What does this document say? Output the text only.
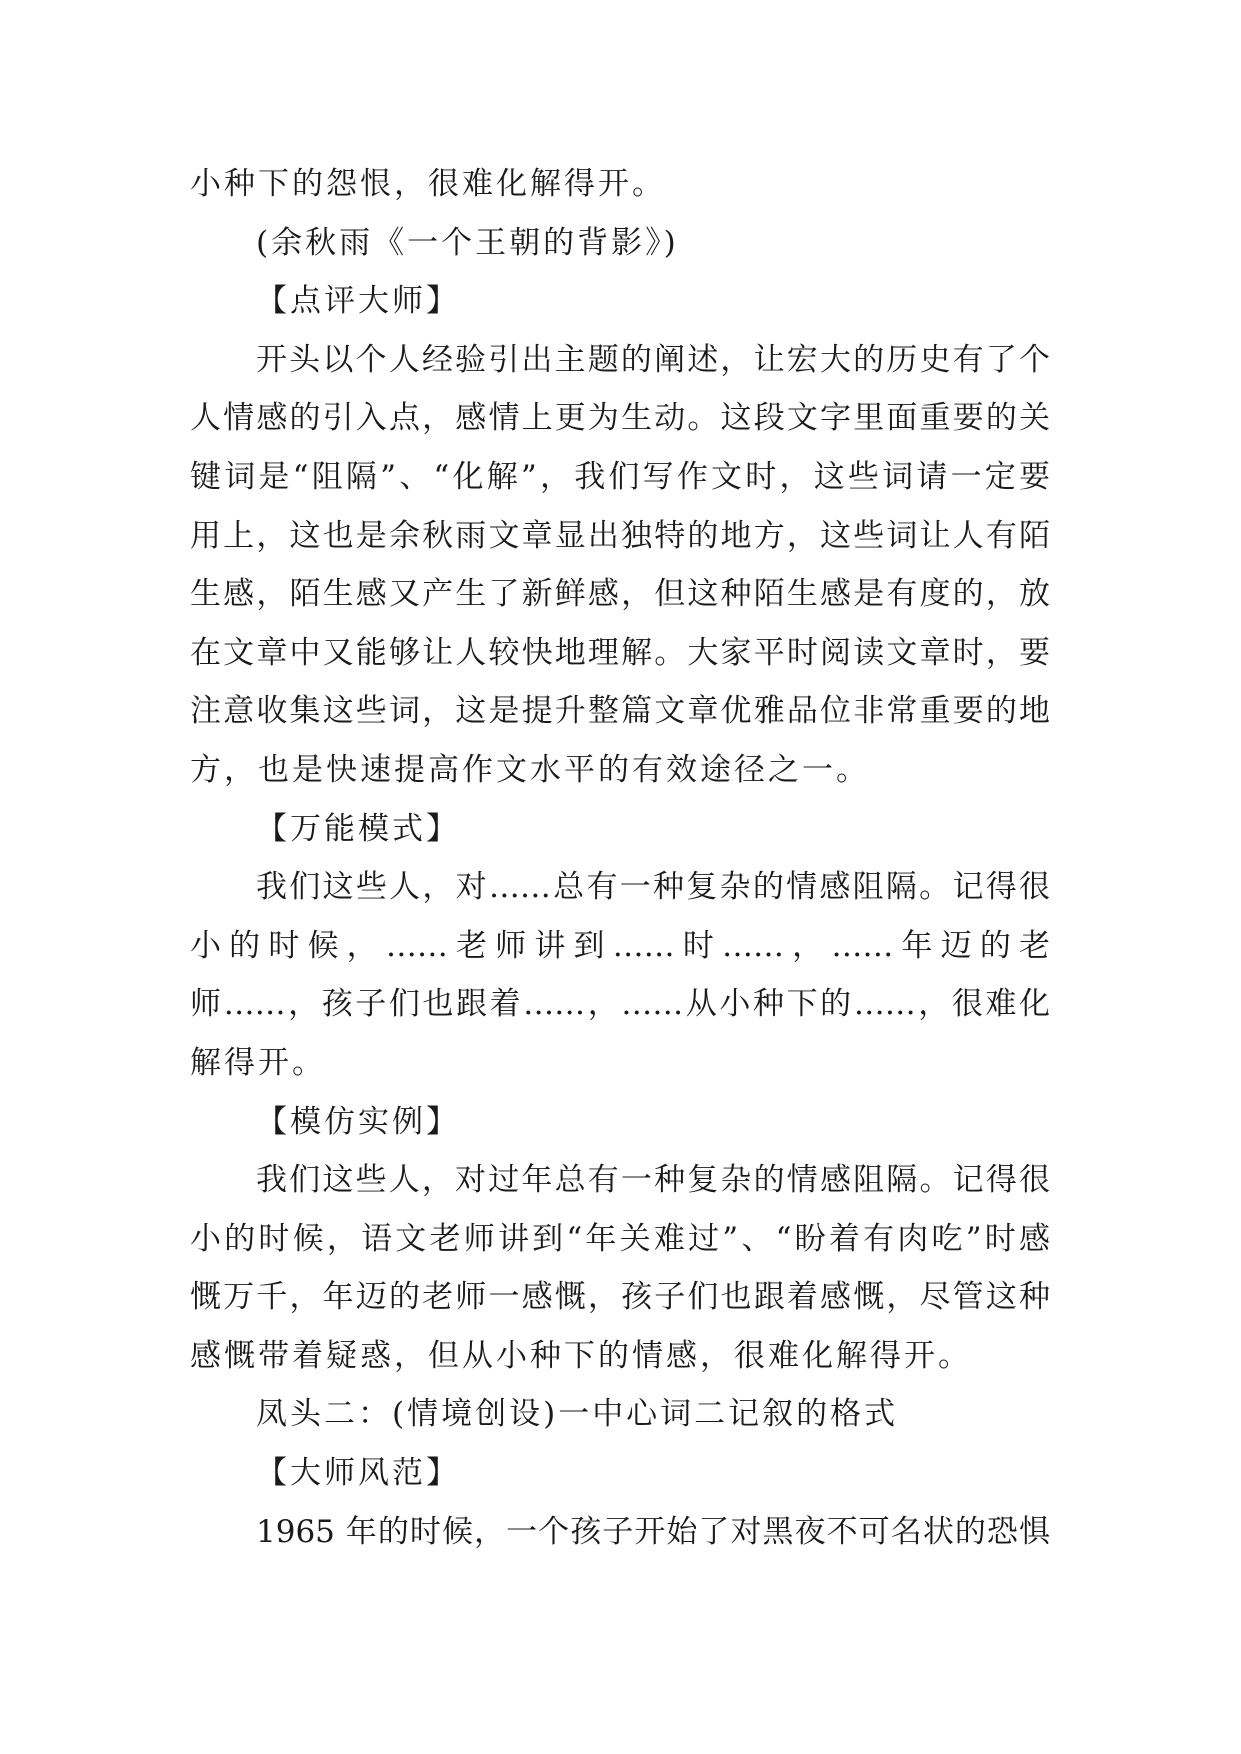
小种下的怨恨，很难化解得开。

(余秋雨《一个王朝的背影》)

【点评大师】

开头以个人经验引出主题的阐述，让宏大的历史有了个

人情感的引入点，感情上更为生动。这段文字里面重要的关

键词是“阻隔”、“化解”，我们写作文时，这些词请一定要

用上，这也是余秋雨文章显出独特的地方，这些词让人有陌

生感，陌生感又产生了新鲜感，但这种陌生感是有度的，放

在文章中又能够让人较快地理解。大家平时阅读文章时，要

注意收集这些词，这是提升整篇文章优雅品位非常重要的地

方，也是快速提高作文水平的有效途径之一。

【万能模式】

我们这些人，对……总有一种复杂的情感阻隔。记得很

小的时候，……老师讲到……时……，……年迈的老

师……，孩子们也跟着……，……从小种下的……，很难化

解得开。

【模仿实例】

我们这些人，对过年总有一种复杂的情感阻隔。记得很

小的时候，语文老师讲到“年关难过”、“盼着有肉吃”时感

慨万千，年迈的老师一感慨，孩子们也跟着感慨，尽管这种

感慨带着疑惑，但从小种下的情感，很难化解得开。

凤头二：(情境创设)一中心词二记叙的格式

【大师风范】

1965 年的时候，一个孩子开始了对黑夜不可名状的恐惧
